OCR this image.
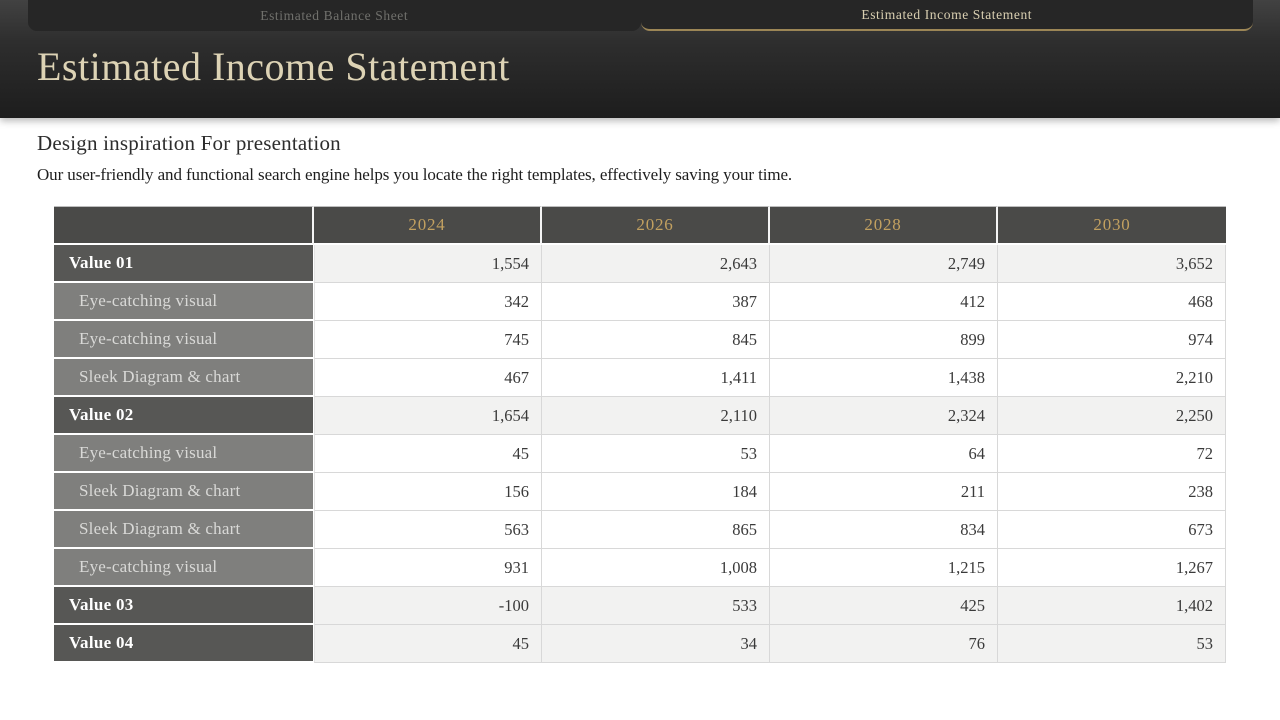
Estimated Balance Sheet	Estimated Income Statement
Estimated Income Statement
Design inspiration For presentation

Our user-friendly and functional search engine helps you locate the right templates, effectively saving your time.

	2024	2026	2028	2030
Value 01	1,554	2,643	2,749	3,652
Eye-catching visual	342	387	412	468
Eye-catching visual	745	845	899	974
Sleek Diagram & chart	467	1,411	1,438	2,210
Value 02	1,654	2,110	2,324	2,250
Eye-catching visual	45	53	64	72
Sleek Diagram & chart	156	184	211	238
Sleek Diagram & chart	563	865	834	673
Eye-catching visual	931	1,008	1,215	1,267
Value 03	-100	533	425	1,402
Value 04	45	34	76	53
